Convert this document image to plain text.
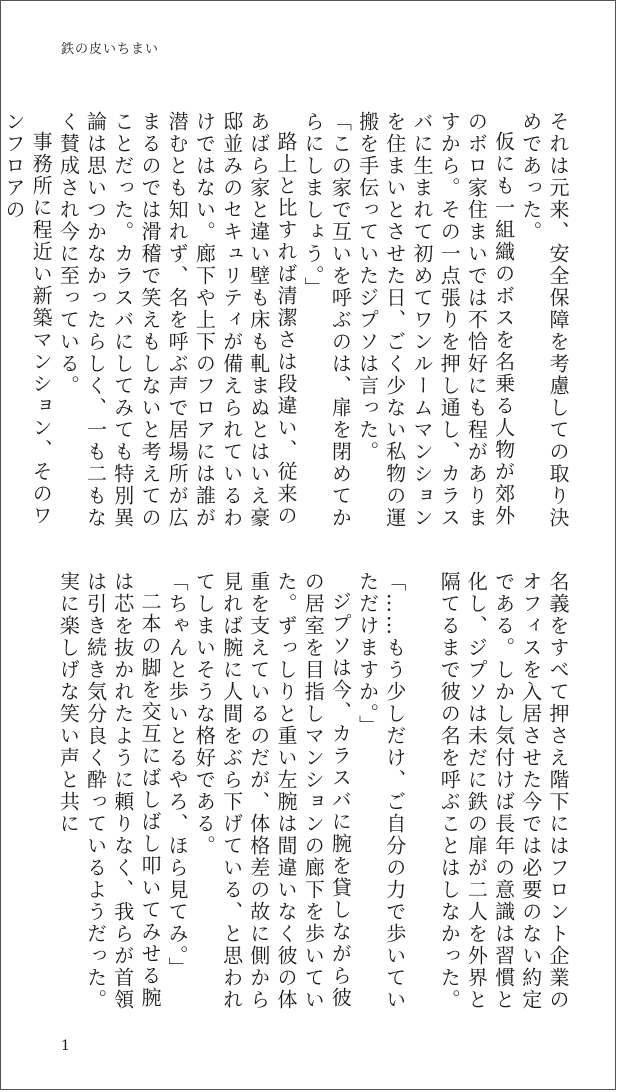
鉄の皮いちまい

それは元来、安全保障を考慮しての取り決めであった。

仮にも一組織のボスを名乗る人物が郊外のボロ家住まいでは不恰好にも程がありますから。その一点張りを押し通し、カラスバに生まれて初めてワンルームマンションを住まいとさせた日、ごく少ない私物の運搬を手伝っていたジプソは言った。

「この家で互いを呼ぶのは、扉を閉めてからにしましょう。」

路上と比すれば清潔さは段違い、従来のあばら家と違い壁も床も軋まぬとはいえ豪邸並みのセキュリティが備えられているわけではない。廊下や上下のフロアには誰が潜むとも知れず、名を呼ぶ声で居場所が広まるのでは滑稽で笑えもしないと考えてのことだった。カラスバにしてみても特別異論は思いつかなかったらしく、一も二もなく賛成され今に至っている。

事務所に程近い新築マンション、そのワンフロアの

名義をすべて押さえ階下にはフロント企業のオフィスを入居させた今では必要のない約定である。しかし気付けば長年の意識は習慣と化し、ジプソは未だに鉄の扉が二人を外界と隔てるまで彼の名を呼ぶことはしなかった。

「……もう少しだけ、ご自分の力で歩いていただけますか。」

ジプソは今、カラスバに腕を貸しながら彼の居室を目指しマンションの廊下を歩いていた。ずっしりと重い左腕は間違いなく彼の体重を支えているのだが、体格差の故に側から見れば腕に人間をぶら下げている、と思われてしまいそうな格好である。

「ちゃんと歩いとるやろ、ほら見てみ。」

二本の脚を交互にばしばし叩いてみせる腕は芯を抜かれたように頼りなく、我らが首領は引き続き気分良く酔っているようだった。実に楽しげな笑い声と共に

1
